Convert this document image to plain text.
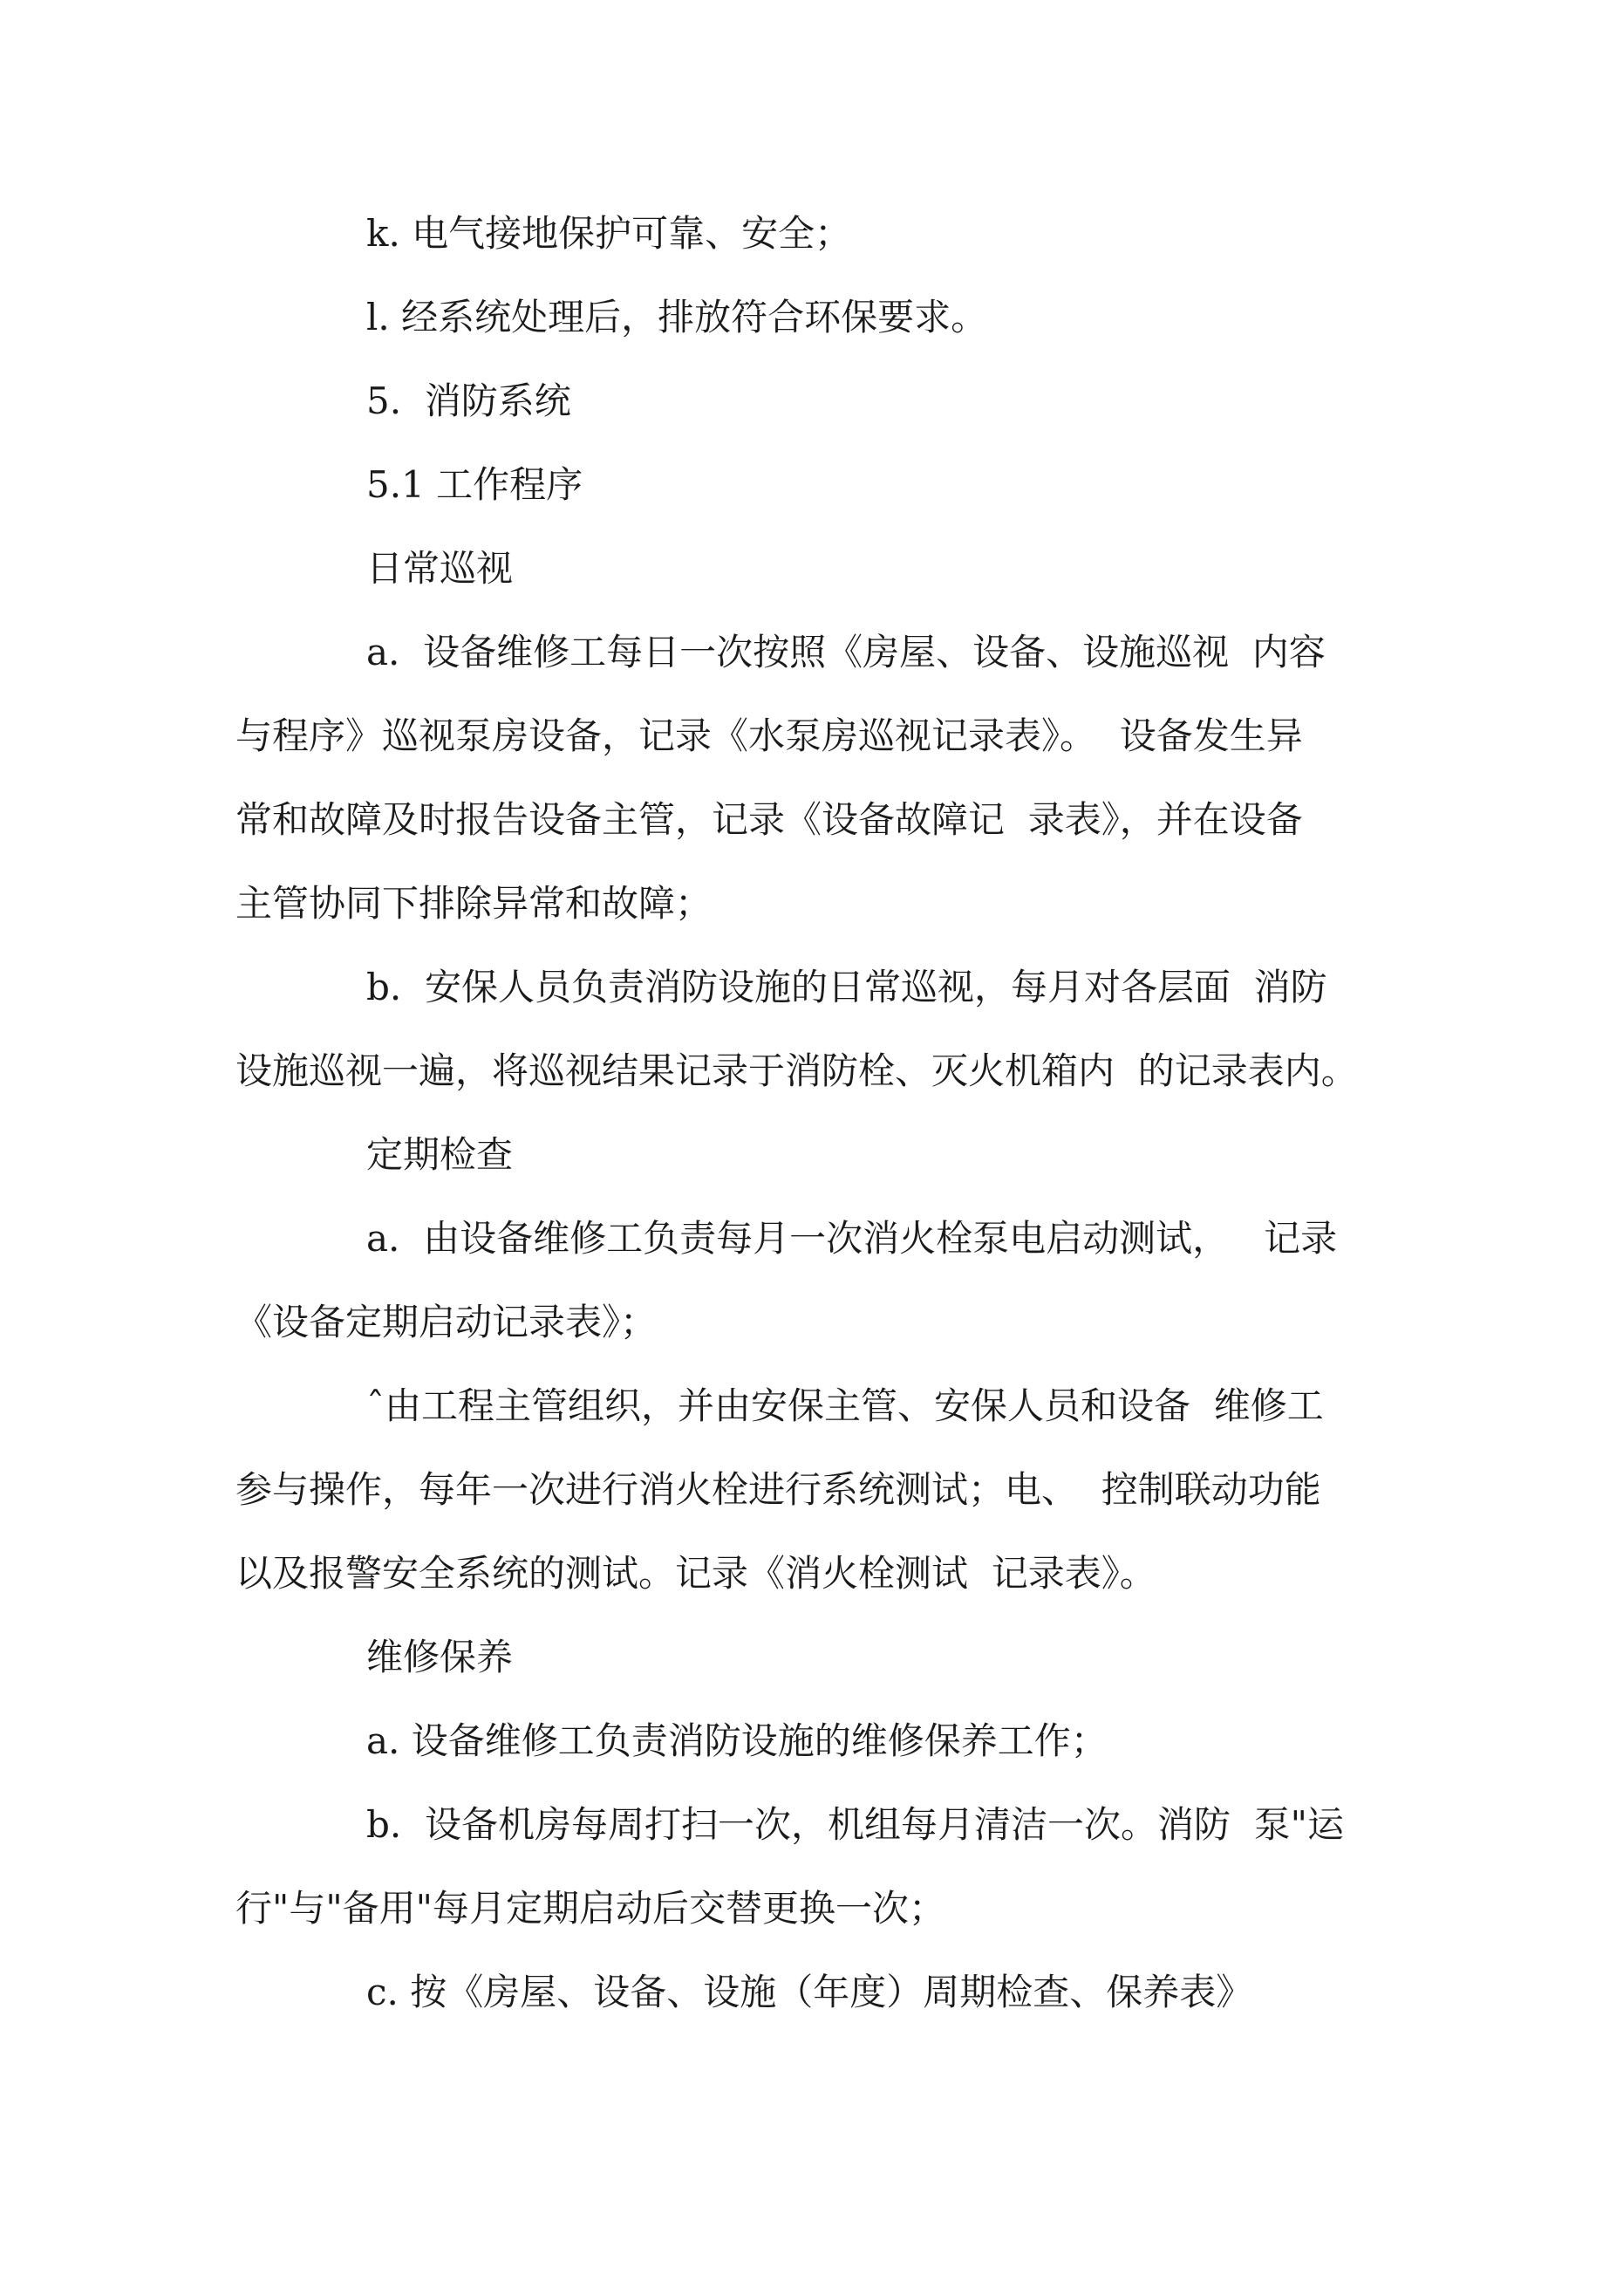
k. 电气接地保护可靠、安全；

l. 经系统处理后，排放符合环保要求。

5.  消防系统

5.1 工作程序

日常巡视

a.  设备维修工每日一次按照《房屋、设备、设施巡视  内容

与程序》巡视泵房设备，记录《水泵房巡视记录表》。  设备发生异

常和故障及时报告设备主管，记录《设备故障记  录表》，并在设备

主管协同下排除异常和故障；

b.  安保人员负责消防设施的日常巡视，每月对各层面  消防

设施巡视一遍，将巡视结果记录于消防栓、灭火机箱内  的记录表内。

定期检查

a.  由设备维修工负责每月一次消火栓泵电启动测试，   记录

《设备定期启动记录表》；

ˆ由工程主管组织，并由安保主管、安保人员和设备  维修工

参与操作，每年一次进行消火栓进行系统测试；电、  控制联动功能

以及报警安全系统的测试。记录《消火栓测试  记录表》。

维修保养

a. 设备维修工负责消防设施的维修保养工作；

b.  设备机房每周打扫一次，机组每月清洁一次。消防  泵"运

行"与"备用"每月定期启动后交替更换一次；

c. 按《房屋、设备、设施（年度）周期检查、保养表》
